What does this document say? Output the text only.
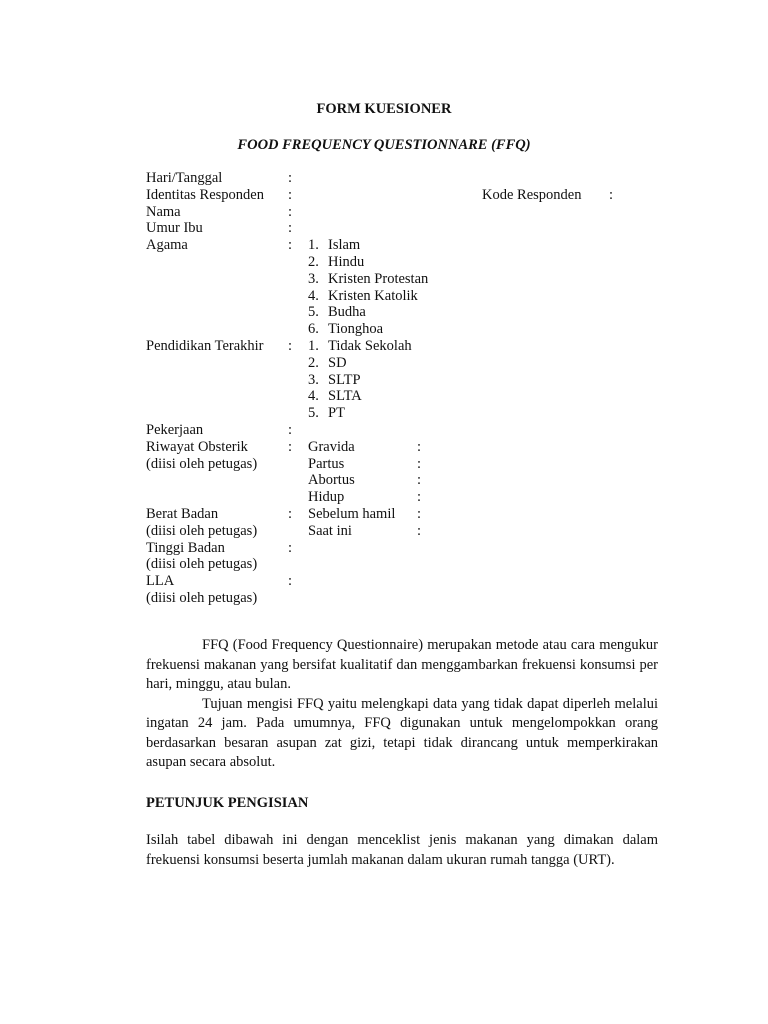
FORM KUESIONER
FOOD FREQUENCY QUESTIONNARE (FFQ)
Hari/Tanggal	:
Identitas Responden :	Kode Responden :
Nama	:
Umur Ibu	:
Agama	: 1. Islam
2. Hindu
3. Kristen Protestan
4. Kristen Katolik
5. Budha
6. Tionghoa
Pendidikan Terakhir : 1. Tidak Sekolah
2. SD
3. SLTP
4. SLTA
5. PT
Pekerjaan	:
Riwayat Obsterik	: Gravida	:
(diisi oleh petugas)	Partus	:
Abortus	:
Hidup	:
Berat Badan	: Sebelum hamil :
(diisi oleh petugas)	Saat ini	:
Tinggi Badan	:
(diisi oleh petugas)
LLA	:
(diisi oleh petugas)

FFQ (Food Frequency Questionnaire) merupakan metode atau cara mengukur frekuensi makanan yang bersifat kualitatif dan menggambarkan frekuensi konsumsi per hari, minggu, atau bulan.

Tujuan mengisi FFQ yaitu melengkapi data yang tidak dapat diperleh melalui ingatan 24 jam. Pada umumnya, FFQ digunakan untuk mengelompokkan orang berdasarkan besaran asupan zat gizi, tetapi tidak dirancang untuk memperkirakan asupan secara absolut.

PETUNJUK PENGISIAN

Isilah tabel dibawah ini dengan menceklist jenis makanan yang dimakan dalam frekuensi konsumsi beserta jumlah makanan dalam ukuran rumah tangga (URT).
